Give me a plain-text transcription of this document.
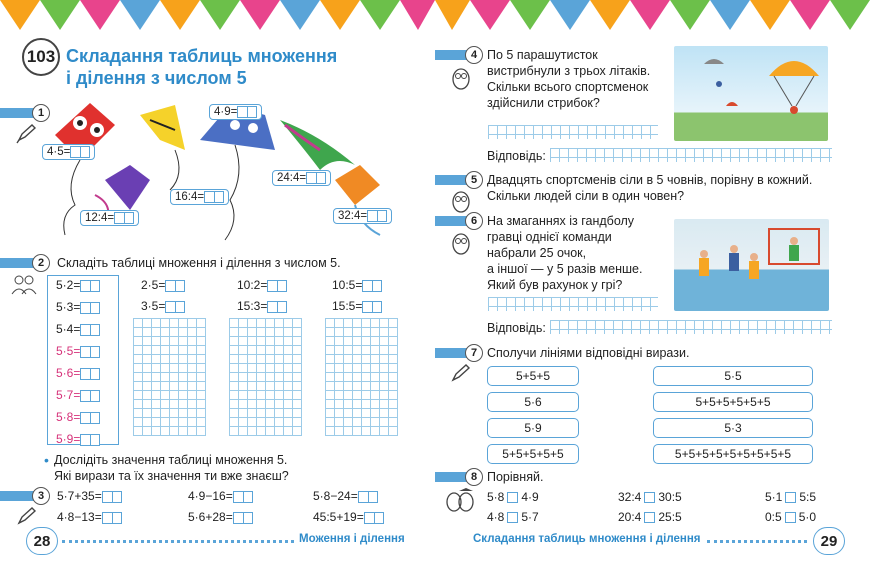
103 Складання таблиць множення
і ділення з числом 5
1
4·5=
4·9=
16:4=
24:4=
12:4=	32:4=
2	Складіть таблиці множення і ділення з числом 5.
5·2=
5·3=
5·4=
5·5=
5·6=
5·7=
5·8=
5·9=
2·5=
3·5=
10:2=
15:3=
10:5=
15:5=
• Дослідіть значення таблиці множення 5.
Які вирази та їх значення ти вже знаєш?
3	5·7+35=	4·9−16=	5·8−24=
4·8−13=	5·6+28=	45:5+19=
28	Моження і ділення
4 По 5 парашутисток
вистрибнули з трьох літаків.
Скільки всього спортсменок
здійснили стрибок?
Відповідь:
5 Двадцять спортсменів сіли в 5 човнів, порівну в кожний.
Скільки людей сіли в один човен?
6 На змаганнях із гандболу
гравці однієї команди
набрали 25 очок,
а іншої — у 5 разів менше.
Який був рахунок у грі?
Відповідь:
7 Сполучи лініями відповідні вирази.
5+5+5
5·6
5·9
5+5+5+5+5
5·5
5+5+5+5+5+5
5·3
5+5+5+5+5+5+5+5+5
8 Порівняй.
5·8 4·9	32:4 30:5	5·1 5:5
4·8 5·7	20:4 25:5	0:5 5·0
Складання таблиць множення і ділення	29
